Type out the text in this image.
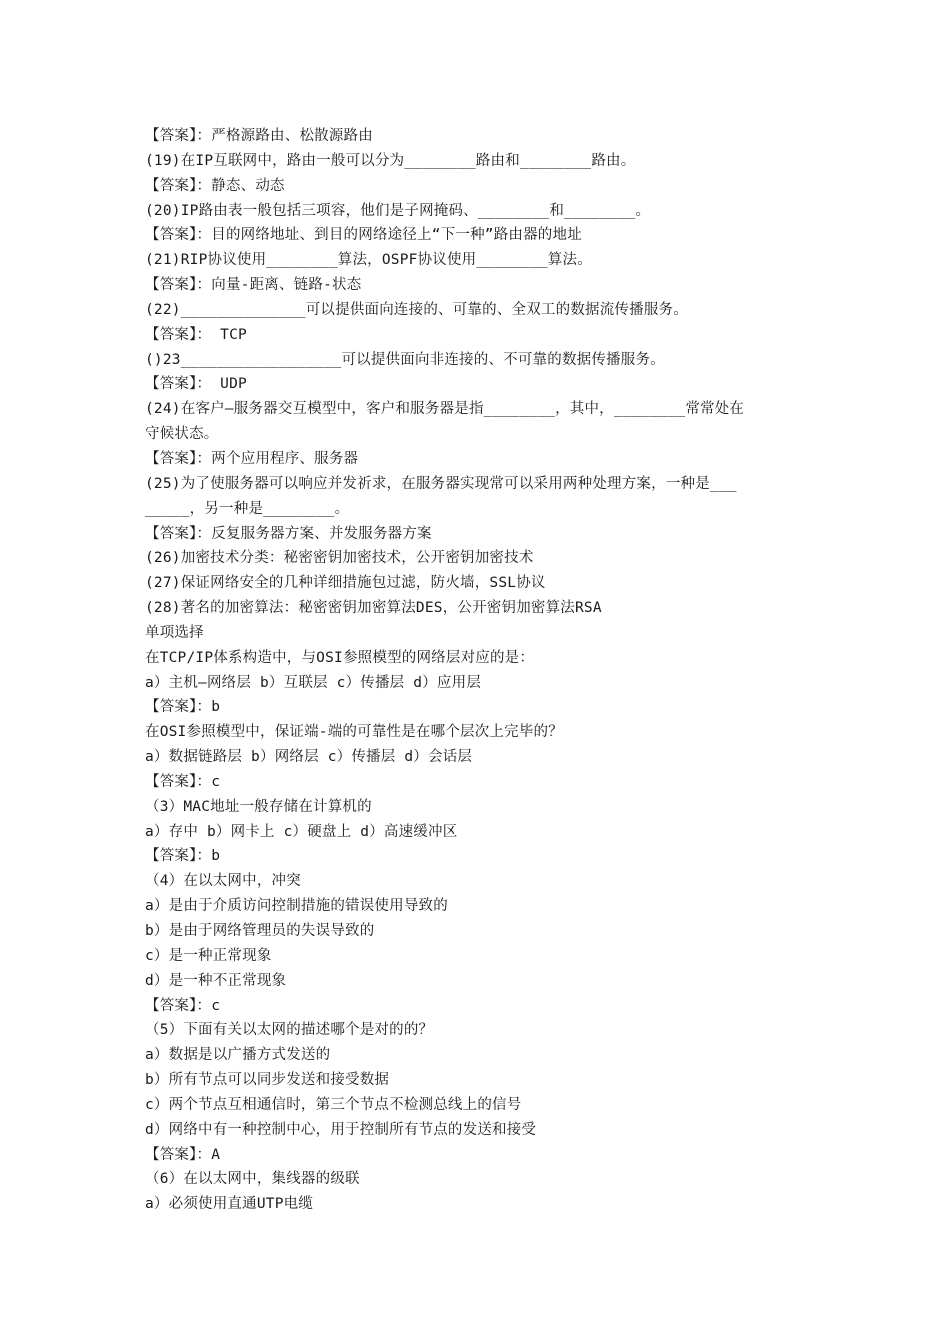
【答案】：严格源路由、松散源路由
(19)在IP互联网中，路由一般可以分为________路由和________路由。
【答案】：静态、动态
(20)IP路由表一般包括三项容，他们是子网掩码、________和________。
【答案】：目的网络地址、到目的网络途径上“下一种”路由器的地址
(21)RIP协议使用________算法，OSPF协议使用________算法。
【答案】：向量-距离、链路-状态
(22)______________可以提供面向连接的、可靠的、全双工的数据流传播服务。
【答案】： TCP
()23__________________可以提供面向非连接的、不可靠的数据传播服务。
【答案】： UDP
(24)在客户—服务器交互模型中，客户和服务器是指________，其中，________常常处在
守候状态。
【答案】：两个应用程序、服务器
(25)为了使服务器可以响应并发祈求，在服务器实现常可以采用两种处理方案，一种是___
_____，另一种是________。
【答案】：反复服务器方案、并发服务器方案
(26)加密技术分类：秘密密钥加密技术，公开密钥加密技术
(27)保证网络安全的几种详细措施包过滤，防火墙，SSL协议
(28)著名的加密算法：秘密密钥加密算法DES，公开密钥加密算法RSA
单项选择
在TCP/IP体系构造中，与OSI参照模型的网络层对应的是：
a）主机—网络层 b）互联层 c）传播层 d）应用层
【答案】：b
在OSI参照模型中，保证端-端的可靠性是在哪个层次上完毕的？
a）数据链路层 b）网络层 c）传播层 d）会话层
【答案】：c
（3）MAC地址一般存储在计算机的
a）存中 b）网卡上 c）硬盘上 d）高速缓冲区
【答案】：b
（4）在以太网中，冲突
a）是由于介质访问控制措施的错误使用导致的
b）是由于网络管理员的失误导致的
c）是一种正常现象
d）是一种不正常现象
【答案】：c
（5）下面有关以太网的描述哪个是对的的？
a）数据是以广播方式发送的
b）所有节点可以同步发送和接受数据
c）两个节点互相通信时，第三个节点不检测总线上的信号
d）网络中有一种控制中心，用于控制所有节点的发送和接受
【答案】：A
（6）在以太网中，集线器的级联
a）必须使用直通UTP电缆
